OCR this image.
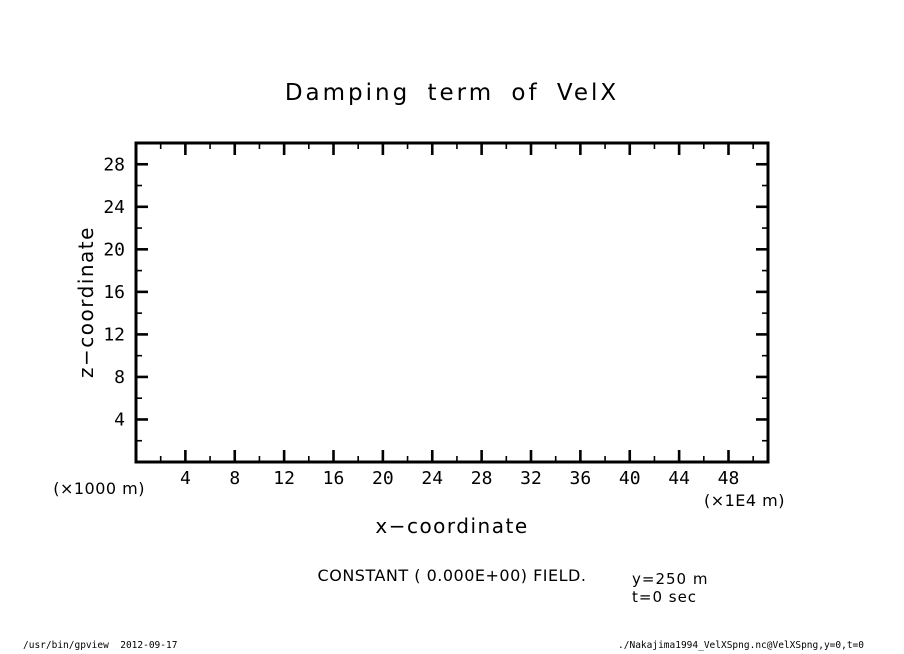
4 8 12 16 20 24 28 32 36 40 44 48
4
8
12
16
20
24
28
Damping term of VelX
z−coordinate
x−coordinate
(×1000 m)
(×1E4 m)
CONSTANT ( 0.000E+00) FIELD.	y=250 m
t=0 sec
/usr/bin/gpview  2012-09-17	./Nakajima1994_VelXSpng.nc@VelXSpng,y=0,t=0
